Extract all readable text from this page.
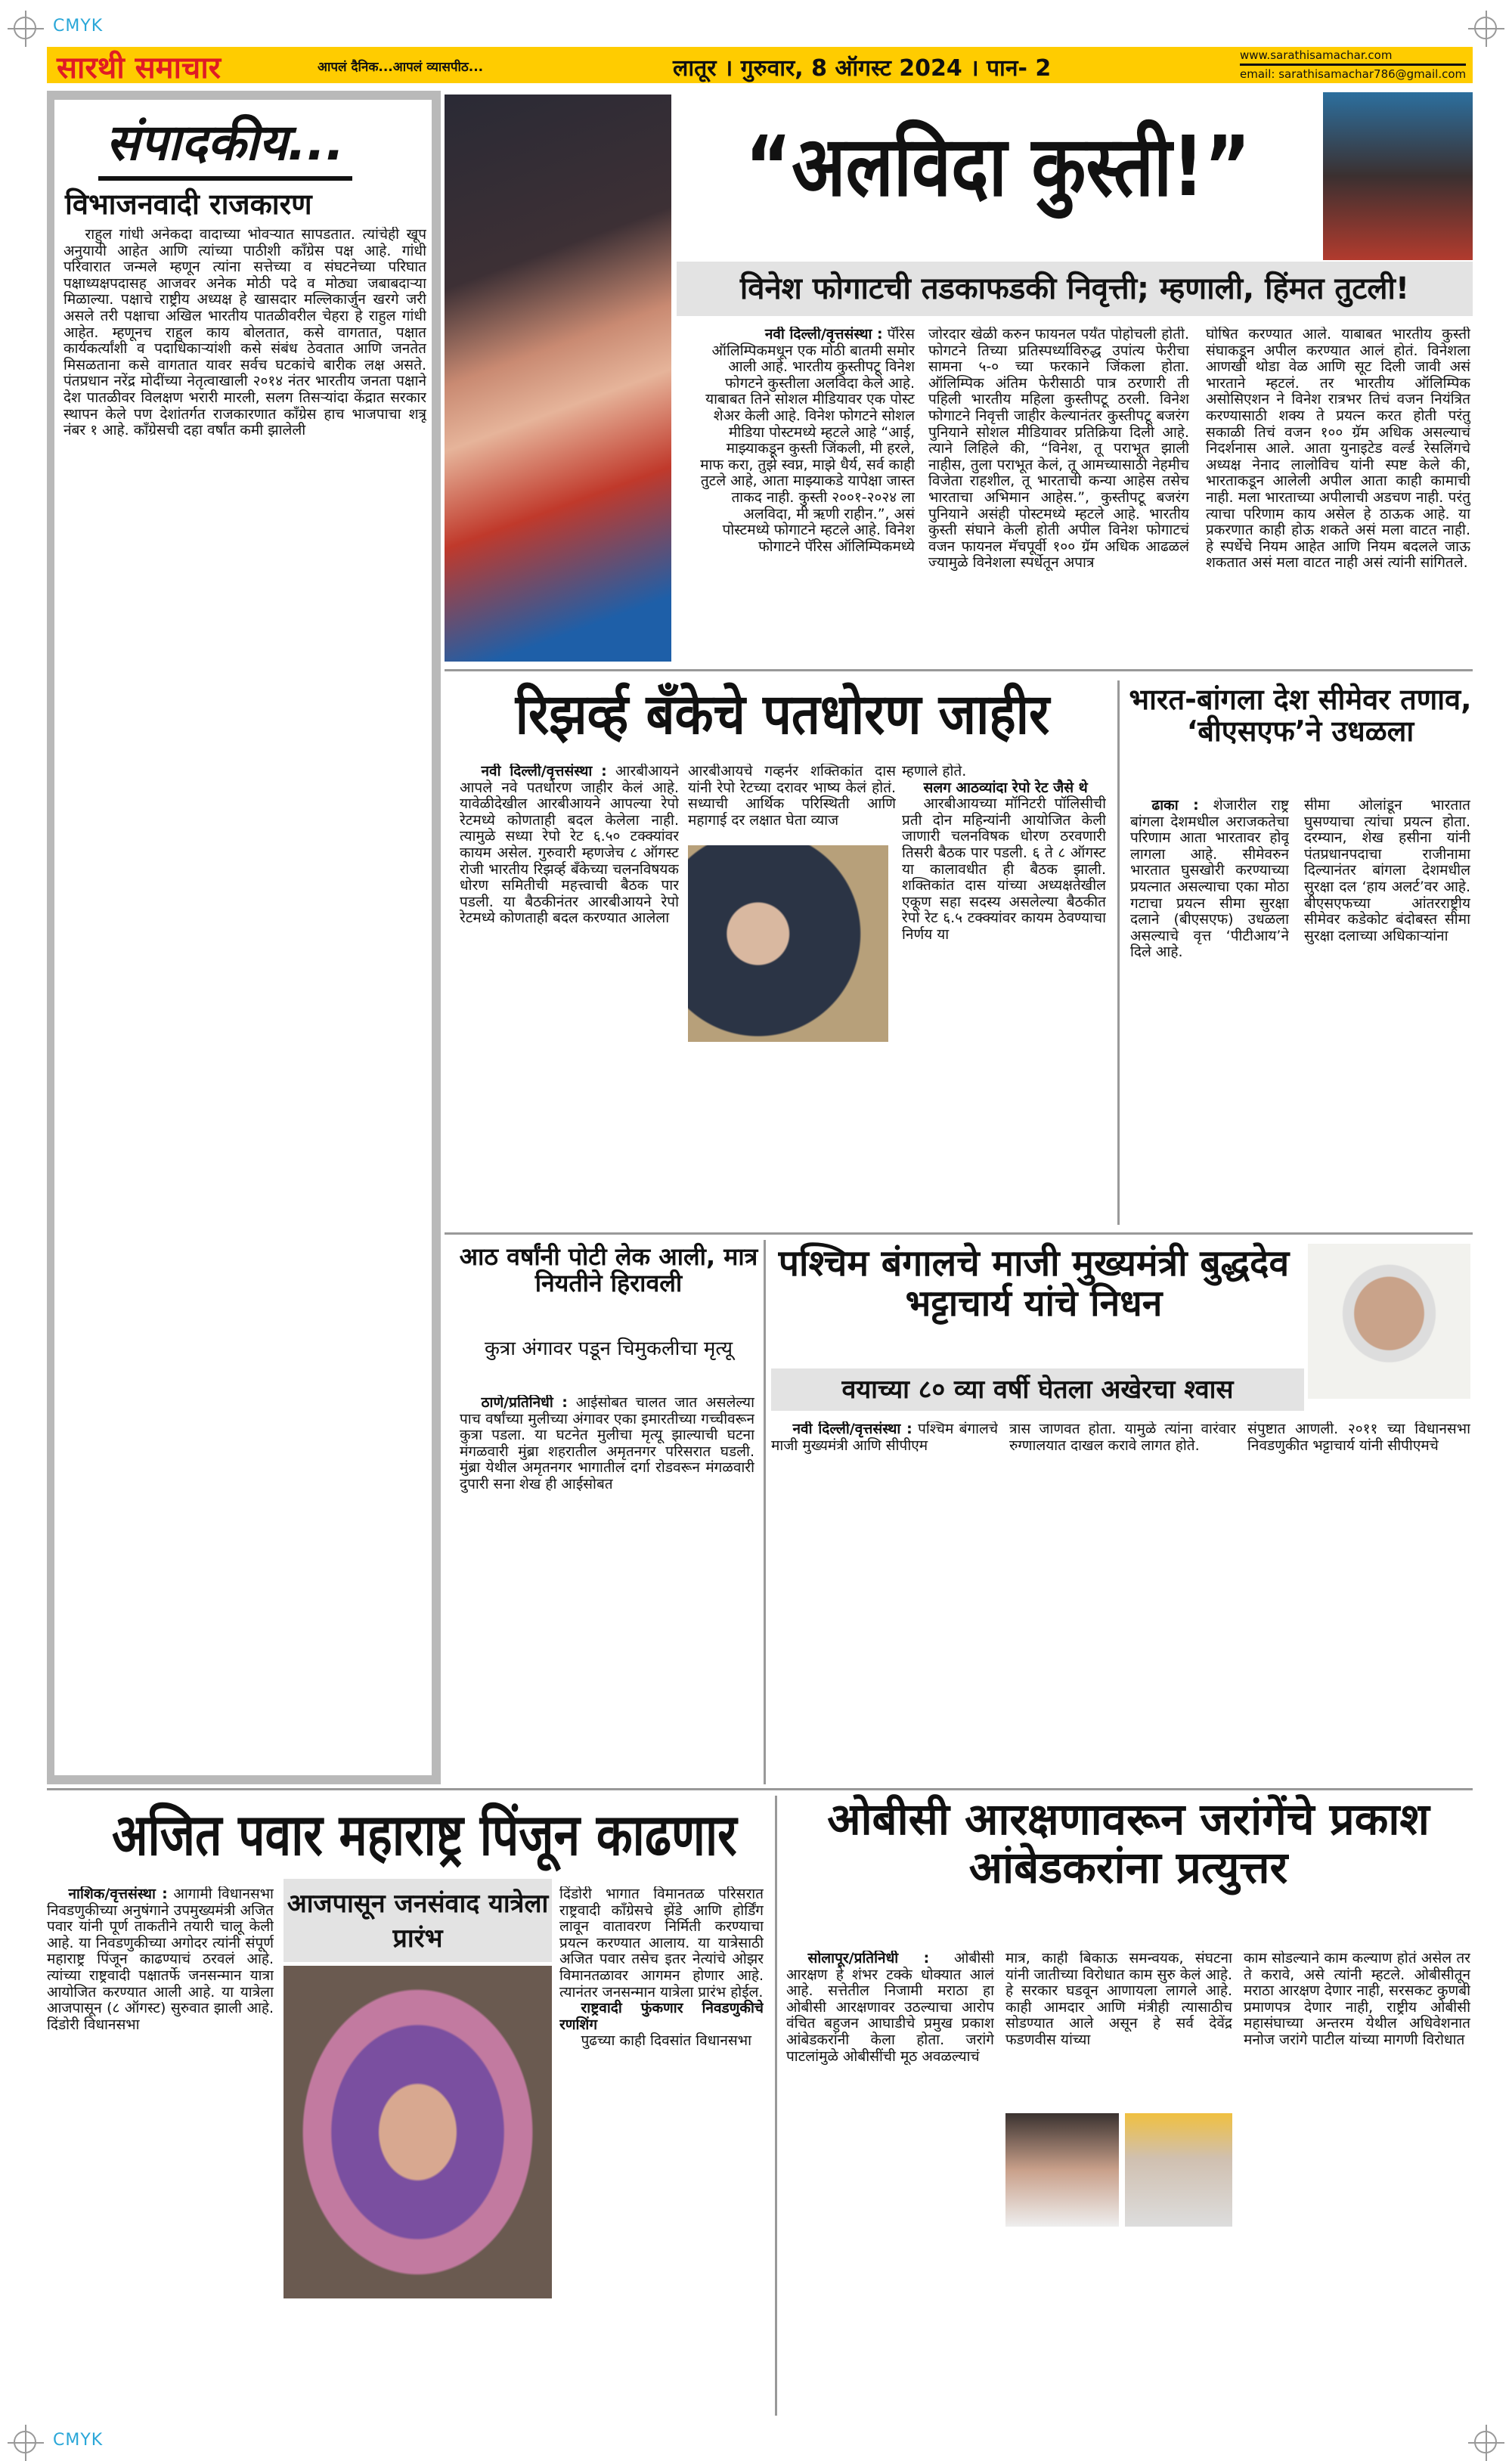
CMYK
CMYK
सारथी समाचार	आपलं दैनिक...आपलं व्यासपीठ...	लातूर । गुरुवार, 8 ऑगस्ट 2024 । पान- 2	www.sarathisamachar.com
email: sarathisamachar786@gmail.com
संपादकीय...
विभाजनवादी राजकारण

राहुल गांधी अनेकदा वादाच्या भोवऱ्यात सापडतात. त्यांचेही खूप अनुयायी आहेत आणि त्यांच्या पाठीशी कॉंग्रेस पक्ष आहे. गांधी परिवारात जन्मले म्हणून त्यांना सत्तेच्या व संघटनेच्या परिघात पक्षाध्यक्षपदासह आजवर अनेक मोठी पदे व मोठ्या जबाबदाऱ्या मिळाल्या. पक्षाचे राष्ट्रीय अध्यक्ष हे खासदार मल्लिकार्जुन खरगे जरी असले तरी पक्षाचा अखिल भारतीय पातळीवरील चेहरा हे राहुल गांधी आहेत. म्हणूनच राहुल काय बोलतात, कसे वागतात, पक्षात कार्यकर्त्यांशी व पदाधिकाऱ्यांशी कसे संबंध ठेवतात आणि जनतेत मिसळताना कसे वागतात यावर सर्वच घटकांचे बारीक लक्ष असते. पंतप्रधान नरेंद्र मोदींच्या नेतृत्वाखाली २०१४ नंतर भारतीय जनता पक्षाने देश पातळीवर विलक्षण भरारी मारली, सलग तिसऱ्यांदा केंद्रात सरकार स्थापन केले पण देशांतर्गत राजकारणात कॉंग्रेस हाच भाजपाचा शत्रू नंबर १ आहे. कॉंग्रेसची दहा वर्षांत कमी झालेली

“अलविदा कुस्ती!”
विनेश फोगाटची तडकाफडकी निवृत्ती; म्हणाली, हिंमत तुटली!
नवी दिल्ली/वृत्तसंस्था : पॅरिस ऑलिम्पिकमधून एक मोठी बातमी समोर आली आहे. भारतीय कुस्तीपटू विनेश फोगटने कुस्तीला अलविदा केले आहे. याबाबत तिने सोशल मीडियावर एक पोस्ट शेअर केली आहे. विनेश फोगटने सोशल मीडिया पोस्टमध्ये म्हटले आहे “आई, माझ्याकडून कुस्ती जिंकली, मी हरले, माफ करा, तुझे स्वप्न, माझे धैर्य, सर्व काही तुटले आहे, आता माझ्याकडे यापेक्षा जास्त ताकद नाही. कुस्ती २००१-२०२४ ला अलविदा, मी ऋणी राहीन.”, असं पोस्टमध्ये फोगाटने म्हटले आहे. विनेश फोगाटने पॅरिस ऑलिम्पिकमध्ये
जोरदार खेळी करुन फायनल पर्यंत पोहोचली होती. फोगटने तिच्या प्रतिस्पर्ध्याविरुद्ध उपांत्य फेरीचा सामना ५-० च्या फरकाने जिंकला होता. ऑलिम्पिक अंतिम फेरीसाठी पात्र ठरणारी ती पहिली भारतीय महिला कुस्तीपटू ठरली. विनेश फोगाटने निवृत्ती जाहीर केल्यानंतर कुस्तीपटू बजरंग पुनियाने सोशल मीडियावर प्रतिक्रिया दिली आहे. त्याने लिहिले की, “विनेश, तू पराभूत झाली नाहीस, तुला पराभूत केलं, तू आमच्यासाठी नेहमीच विजेता राहशील, तू भारताची कन्या आहेस तसेच भारताचा अभिमान आहेस.”, कुस्तीपटू बजरंग पुनियाने असंही पोस्टमध्ये म्हटले आहे. भारतीय कुस्ती संघाने केली होती अपील विनेश फोगाटचं वजन फायनल मॅचपूर्वी १०० ग्रॅम अधिक आढळलं ज्यामुळे विनेशला स्पर्धेतून अपात्र
घोषित करण्यात आले. याबाबत भारतीय कुस्ती संघाकडून अपील करण्यात आलं होतं. विनेशला आणखी थोडा वेळ आणि सूट दिली जावी असं भारताने म्हटलं. तर भारतीय ऑलिम्पिक असोसिएशन ने विनेश रात्रभर तिचं वजन नियंत्रित करण्यासाठी शक्य ते प्रयत्न करत होती परंतु सकाळी तिचं वजन १०० ग्रॅम अधिक असल्याचं निदर्शनास आले. आता युनाइटेड वर्ल्ड रेसलिंगचे अध्यक्ष नेनाद लालोविच यांनी स्पष्ट केले की, भारताकडून आलेली अपील आता काही कामाची नाही. मला भारताच्या अपीलाची अडचण नाही. परंतु त्याचा परिणाम काय असेल हे ठाऊक आहे. या प्रकरणात काही होऊ शकते असं मला वाटत नाही. हे स्पर्धेचे नियम आहेत आणि नियम बदलले जाऊ शकतात असं मला वाटत नाही असं त्यांनी सांगितले.
रिझर्व्ह बँकेचे पतधोरण जाहीर

नवी दिल्ली/वृत्तसंस्था : आरबीआयने आपले नवे पतधोरण जाहीर केलं आहे. यावेळीदेखील आरबीआयने आपल्या रेपो रेटमध्ये कोणताही बदल केलेला नाही. त्यामुळे सध्या रेपो रेट ६.५० टक्क्यांवर कायम असेल. गुरुवारी म्हणजेच ८ ऑगस्ट रोजी भारतीय रिझर्व्ह बँकेच्या चलनविषयक धोरण समितीची महत्त्वाची बैठक पार पडली. या बैठकीनंतर आरबीआयने रेपो रेटमध्ये कोणताही बदल करण्यात आलेला

आरबीआयचे गव्हर्नर शक्तिकांत दास यांनी रेपो रेटच्या दरावर भाष्य केलं होतं. सध्याची आर्थिक परिस्थिती आणि महागाई दर लक्षात घेता व्याज
म्हणाले होते.

सलग आठव्यांदा रेपो रेट जैसे थे

आरबीआयच्या मॉनिटरी पॉलिसीची प्रती दोन महिन्यांनी आयोजित केली जाणारी चलनविषक धोरण ठरवणारी तिसरी बैठक पार पडली. ६ ते ८ ऑगस्ट या कालावधीत ही बैठक झाली. शक्तिकांत दास यांच्या अध्यक्षतेखील एकूण सहा सदस्य असलेल्या बैठकीत रेपो रेट ६.५ टक्क्यांवर कायम ठेवण्याचा निर्णय या

भारत-बांगला देश सीमेवर तणाव, ‘बीएसएफ’ने उधळला

ढाका : शेजारील राष्ट्र बांगला देशमधील अराजकतेचा परिणाम आता भारतावर होवू लागला आहे. सीमेवरुन भारतात घुसखोरी करण्याच्या प्रयत्नात असल्याचा एका मोठा गटाचा प्रयत्न सीमा सुरक्षा दलाने (बीएसएफ) उधळला असल्याचे वृत्त ‘पीटीआय’ने दिले आहे.

सीमा ओलांडून भारतात घुसण्याचा त्यांचा प्रयत्न होता. दरम्यान, शेख हसीना यांनी पंतप्रधानपदाचा राजीनामा दिल्यानंतर बांगला देशमधील सुरक्षा दल ‘हाय अलर्ट’वर आहे. बीएसएफच्या आंतरराष्ट्रीय सीमेवर कडेकोट बंदोबस्त सीमा सुरक्षा दलाच्या अधिकाऱ्यांना
आठ वर्षांनी पोटी लेक आली, मात्र नियतीने हिरावली
कुत्रा अंगावर पडून चिमुकलीचा मृत्यू

ठाणे/प्रतिनिधी : आईसोबत चालत जात असलेल्या पाच वर्षांच्या मुलीच्या अंगावर एका इमारतीच्या गच्चीवरून कुत्रा पडला. या घटनेत मुलीचा मृत्यू झाल्याची घटना मंगळवारी मुंब्रा शहरातील अमृतनगर परिसरात घडली. मुंब्रा येथील अमृतनगर भागातील दर्गा रोडवरून मंगळवारी दुपारी सना शेख ही आईसोबत

पश्चिम बंगालचे माजी मुख्यमंत्री बुद्धदेव भट्टाचार्य यांचे निधन
वयाच्या ८० व्या वर्षी घेतला अखेरचा श्वास

नवी दिल्ली/वृत्तसंस्था : पश्चिम बंगालचे माजी मुख्यमंत्री आणि सीपीएम

त्रास जाणवत होता. यामुळे त्यांना वारंवार रुग्णालयात दाखल करावे लागत होते.
संपुष्टात आणली. २०११ च्या विधानसभा निवडणुकीत भट्टाचार्य यांनी सीपीएमचे
अजित पवार महाराष्ट्र पिंजून काढणार

नाशिक/वृत्तसंस्था : आगामी विधानसभा निवडणुकीच्या अनुषंगाने उपमुख्यमंत्री अजित पवार यांनी पूर्ण ताकतीने तयारी चालू केली आहे. या निवडणुकीच्या अगोदर त्यांनी संपूर्ण महाराष्ट्र पिंजून काढण्याचं ठरवलं आहे. त्यांच्या राष्ट्रवादी पक्षातर्फे जनसन्मान यात्रा आयोजित करण्यात आली आहे. या यात्रेला आजपासून (८ ऑगस्ट) सुरुवात झाली आहे. दिंडोरी विधानसभा

आजपासून जनसंवाद यात्रेला प्रारंभ
दिंडोरी भागात विमानतळ परिसरात राष्ट्रवादी काँग्रेसचे झेंडे आणि होर्डिंग लावून वातावरण निर्मिती करण्याचा प्रयत्न करण्यात आलाय. या यात्रेसाठी अजित पवार तसेच इतर नेत्यांचे ओझर विमानतळावर आगमन होणार आहे. त्यानंतर जनसन्मान यात्रेला प्रारंभ होईल.

राष्ट्रवादी फुंकणार निवडणुकीचे रणशिंग

पुढच्या काही दिवसांत विधानसभा

ओबीसी आरक्षणावरून जरांगेंचे प्रकाश आंबेडकरांना प्रत्युत्तर

सोलापूर/प्रतिनिधी : ओबीसी आरक्षण हे शंभर टक्के धोक्यात आलं आहे. सत्तेतील निजामी मराठा हा ओबीसी आरक्षणावर उठल्याचा आरोप वंचित बहुजन आघाडीचे प्रमुख प्रकाश आंबेडकरांनी केला होता. जरांगे पाटलांमुळे ओबीसींची मूठ अवळल्याचं

मात्र, काही बिकाऊ समन्वयक, संघटना यांनी जातीच्या विरोधात काम सुरु केलं आहे. हे सरकार घडवून आणायला लागले आहे. काही आमदार आणि मंत्रीही त्यासाठीच सोडण्यात आले असून हे सर्व देवेंद्र फडणवीस यांच्या
काम सोडल्याने काम कल्याण होतं असेल तर ते करावे, असे त्यांनी म्हटले. ओबीसीतून मराठा आरक्षण देणार नाही, सरसकट कुणबी प्रमाणपत्र देणार नाही, राष्ट्रीय ओबीसी महासंघाच्या अन्तरम येथील अधिवेशनात मनोज जरांगे पाटील यांच्या मागणी विरोधात
